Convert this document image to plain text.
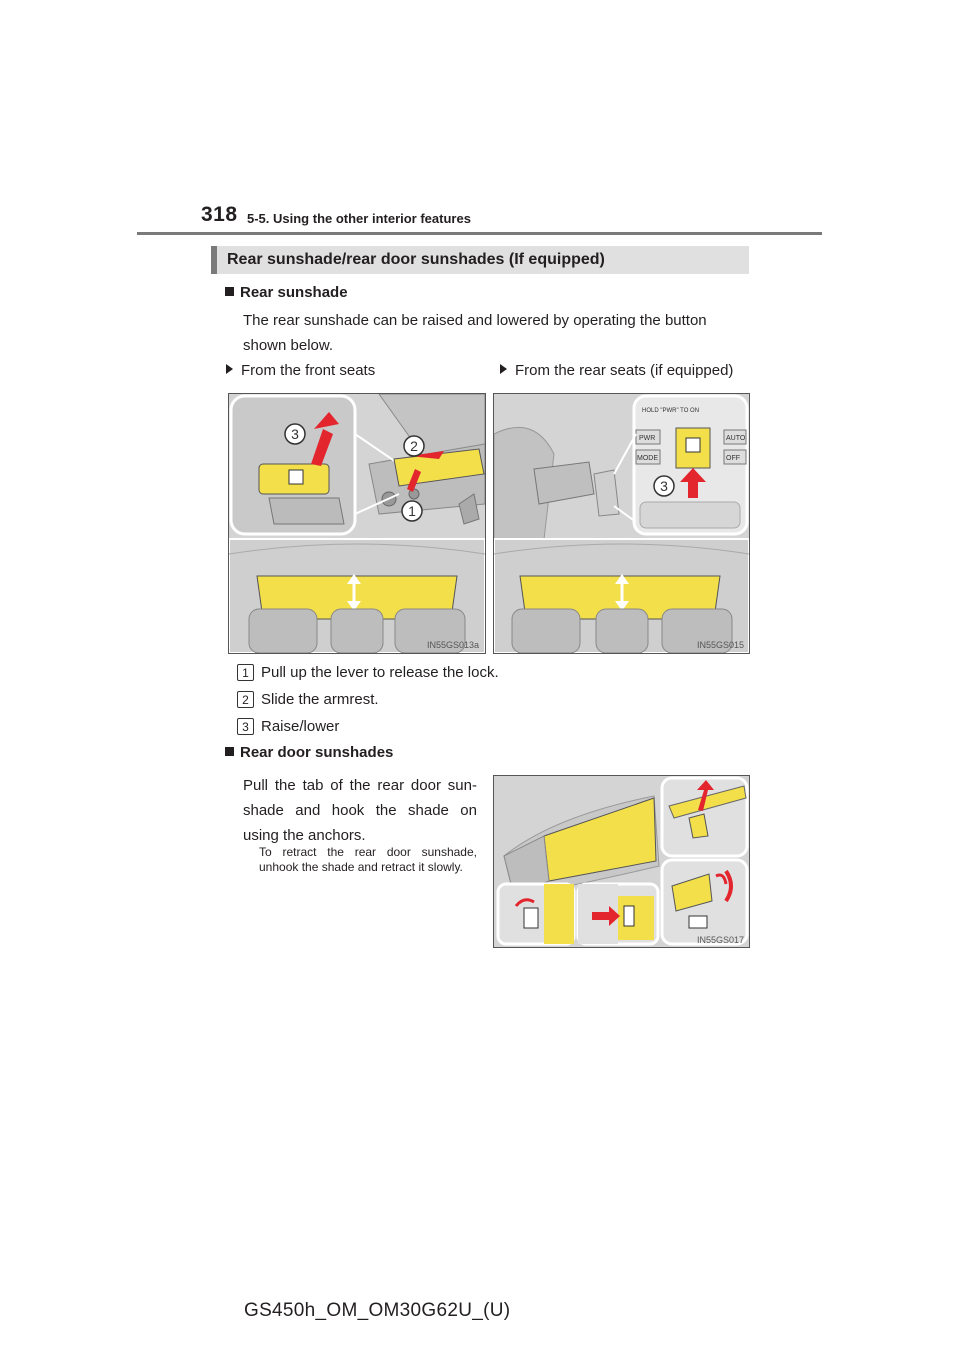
318 5-5. Using the other interior features
Rear sunshade/rear door sunshades (If equipped)
Rear sunshade
The rear sunshade can be raised and lowered by operating the button shown below.
From the front seats	From the rear seats (if equipped)
3
2
1
IN55GS013a
HOLD "PWR" TO ON
PWR
MODE
AUTO
OFF
3
IN55GS015
1 Pull up the lever to release the lock.
2 Slide the armrest.
3 Raise/lower
Rear door sunshades
Pull the tab of the rear door sun-shade and hook the shade on using the anchors.
To retract the rear door sunshade, unhook the shade and retract it slowly.
IN55GS017
GS450h_OM_OM30G62U_(U)
